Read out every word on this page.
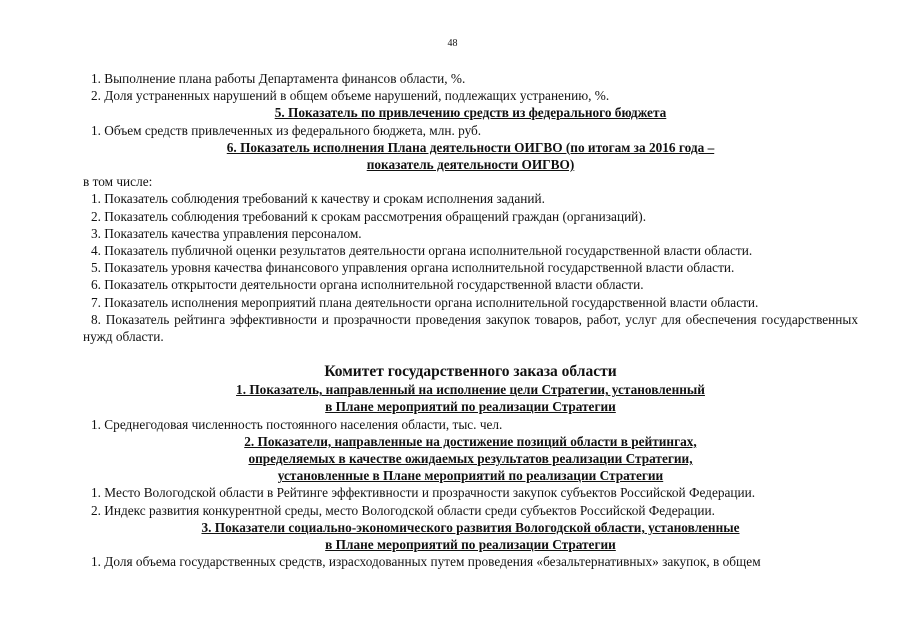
48

1. Выполнение плана работы Департамента финансов области, %.

2. Доля устраненных нарушений в общем объеме нарушений, подлежащих устранению, %.

5. Показатель по привлечению средств из федерального бюджета

1. Объем средств привлеченных из федерального бюджета, млн. руб.

6. Показатель исполнения Плана деятельности ОИГВО (по итогам за 2016 года –

показатель деятельности ОИГВО)

в том числе:

1. Показатель соблюдения требований к качеству и срокам исполнения заданий.

2. Показатель соблюдения требований к срокам рассмотрения обращений граждан (организаций).

3. Показатель качества управления персоналом.

4. Показатель публичной оценки результатов деятельности органа исполнительной государственной власти области.

5. Показатель уровня качества финансового управления органа исполнительной государственной власти области.

6. Показатель открытости деятельности органа исполнительной государственной власти области.

7. Показатель исполнения мероприятий плана деятельности органа исполнительной государственной власти области.

8. Показатель рейтинга эффективности и прозрачности проведения закупок товаров, работ, услуг для обеспечения государственных нужд области.

Комитет государственного заказа области

1. Показатель, направленный на исполнение цели Стратегии, установленный

в Плане мероприятий по реализации Стратегии

1. Среднегодовая численность постоянного населения области, тыс. чел.

2. Показатели, направленные на достижение позиций области в рейтингах,

определяемых в качестве ожидаемых результатов реализации Стратегии,

установленные в Плане мероприятий по реализации Стратегии

1. Место Вологодской области в Рейтинге эффективности и прозрачности закупок субъектов Российской Федерации.

2. Индекс развития конкурентной среды, место Вологодской области среди субъектов Российской Федерации.

3. Показатели социально-экономического развития Вологодской области, установленные

в Плане мероприятий по реализации Стратегии

1. Доля объема государственных средств, израсходованных путем проведения «безальтернативных» закупок, в общем
